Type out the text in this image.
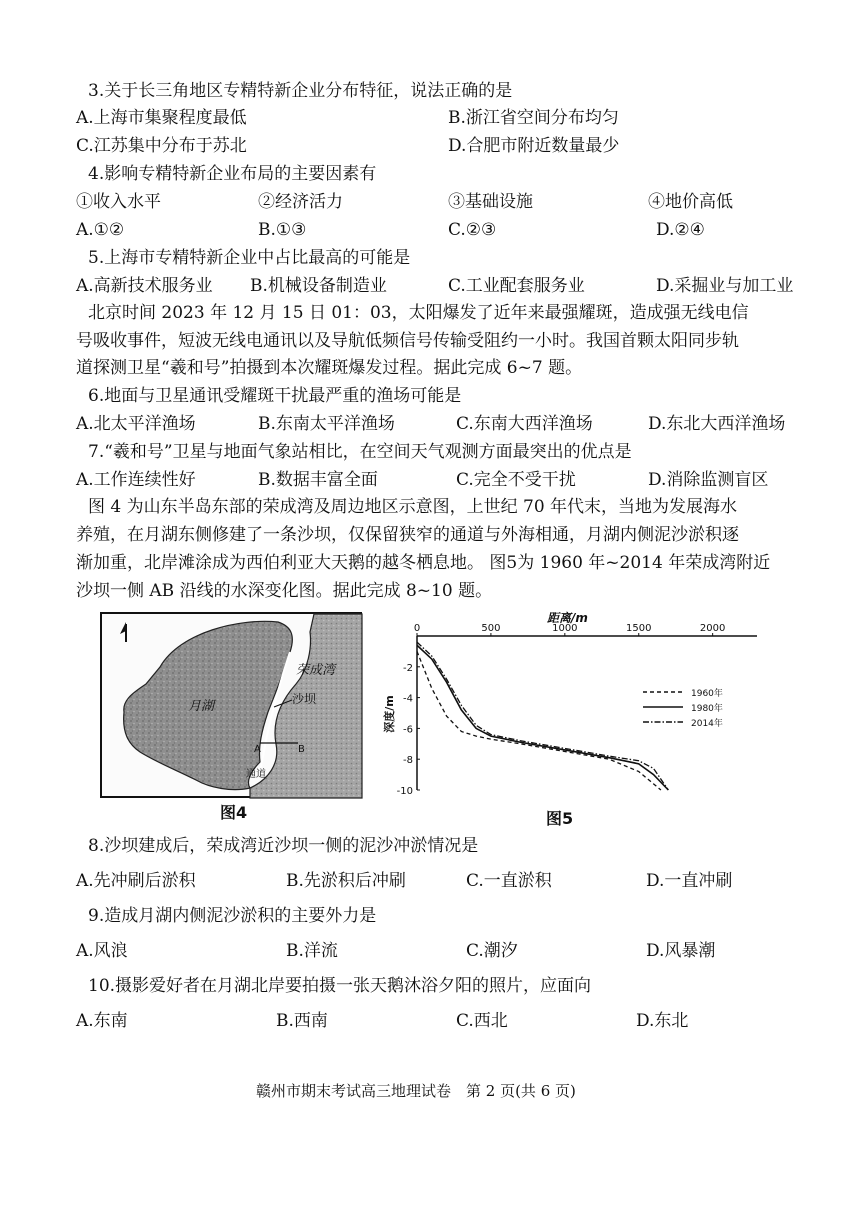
3.关于长三角地区专精特新企业分布特征，说法正确的是
A.上海市集聚程度最低	B.浙江省空间分布均匀
C.江苏集中分布于苏北	D.合肥市附近数量最少
4.影响专精特新企业布局的主要因素有
①收入水平	②经济活力	③基础设施	④地价高低
A.①②	B.①③	C.②③	D.②④
5.上海市专精特新企业中占比最高的可能是
A.高新技术服务业 B.机械设备制造业	C.工业配套服务业	D.采掘业与加工业
北京时间 2023 年 12 月 15 日 01：03，太阳爆发了近年来最强耀斑，造成强无线电信
号吸收事件，短波无线电通讯以及导航低频信号传输受阻约一小时。我国首颗太阳同步轨
道探测卫星“羲和号”拍摄到本次耀斑爆发过程。据此完成 6~7 题。
6.地面与卫星通讯受耀斑干扰最严重的渔场可能是
A.北太平洋渔场	B.东南太平洋渔场	C.东南大西洋渔场	D.东北大西洋渔场
7.“羲和号”卫星与地面气象站相比，在空间天气观测方面最突出的优点是
A.工作连续性好	B.数据丰富全面	C.完全不受干扰	D.消除监测盲区
图 4 为山东半岛东部的荣成湾及周边地区示意图，上世纪 70 年代末，当地为发展海水
养殖，在月湖东侧修建了一条沙坝，仅保留狭窄的通道与外海相通，月湖内侧泥沙淤积逐
渐加重，北岸滩涂成为西伯利亚大天鹅的越冬栖息地。 图5为 1960 年~2014 年荣成湾附近
沙坝一侧 AB 沿线的水深变化图。据此完成 8~10 题。
月湖
荣成湾
沙坝
A	B
通道
图4
0	500	1000	1500	2000
-2
-4
-6
-8
-10
1960年
1980年
2014年
距离/m
深度/m
图5
8.沙坝建成后，荣成湾近沙坝一侧的泥沙冲淤情况是
A.先冲刷后淤积	B.先淤积后冲刷	C.一直淤积	D.一直冲刷
9.造成月湖内侧泥沙淤积的主要外力是
A.风浪	B.洋流	C.潮汐	D.风暴潮
10.摄影爱好者在月湖北岸要拍摄一张天鹅沐浴夕阳的照片，应面向
A.东南	B.西南	C.西北	D.东北
赣州市期末考试高三地理试卷　第 2 页(共 6 页)
